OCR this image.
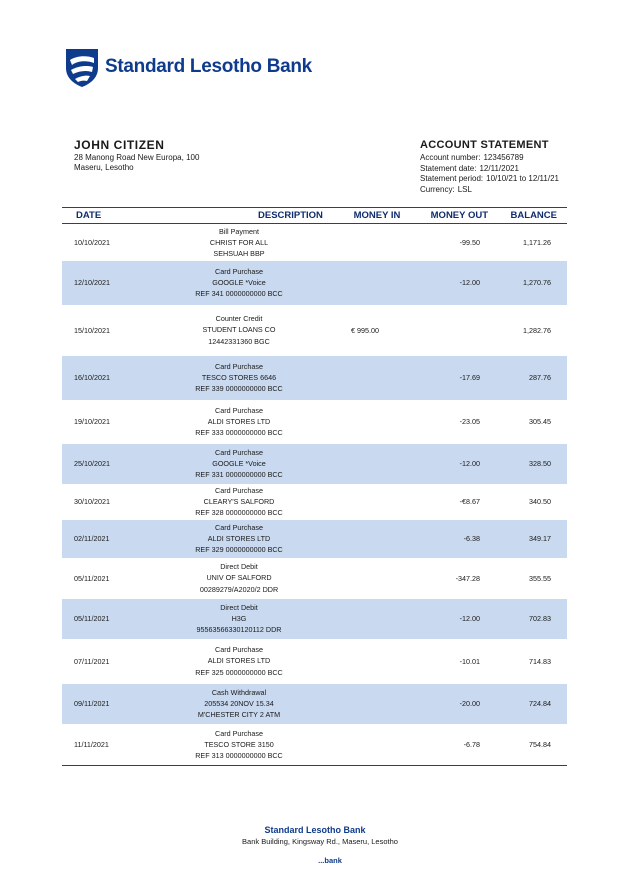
Standard Lesotho Bank
JOHN CITIZEN
28 Manong Road New Europa, 100
Maseru, Lesotho
ACCOUNT STATEMENT
Account number: 123456789
Statement date: 12/11/2021
Statement period: 10/10/21 to 12/11/21
Currency: LSL
DATE	DESCRIPTION	MONEY IN	MONEY OUT	BALANCE
10/10/2021	Bill Payment
CHRIST FOR ALL
SEHSUAH BBP		-99.50	1,171.26
12/10/2021	Card Purchase
GOOGLE *Voice
REF 341 0000000000 BCC		-12.00	1,270.76
15/10/2021	Counter Credit
STUDENT LOANS CO
12442331360 BGC	€ 995.00		1,282.76
16/10/2021	Card Purchase
TESCO STORES 6646
REF 339 0000000000 BCC		-17.69	287.76
19/10/2021	Card Purchase
ALDI STORES LTD
REF 333 0000000000 BCC		-23.05	305.45
25/10/2021	Card Purchase
GOOGLE *Voice
REF 331 0000000000 BCC		-12.00	328.50
30/10/2021	Card Purchase
CLEARY'S SALFORD
REF 328 0000000000 BCC		-€8.67	340.50
02/11/2021	Card Purchase
ALDI STORES LTD
REF 329 0000000000 BCC		-6.38	349.17
05/11/2021	Direct Debit
UNIV OF SALFORD
00289279/A2020/2 DDR		-347.28	355.55
05/11/2021	Direct Debit
H3G
95563566330120112 DDR		-12.00	702.83
07/11/2021	Card Purchase
ALDI STORES LTD
REF 325 0000000000 BCC		-10.01	714.83
09/11/2021	Cash Withdrawal
205534 20NOV 15.34
M'CHESTER CITY 2 ATM		-20.00	724.84
11/11/2021	Card Purchase
TESCO STORE 3150
REF 313 0000000000 BCC		-6.78	754.84
Standard Lesotho Bank
Bank Building, Kingsway Rd., Maseru, Lesotho
...bank
